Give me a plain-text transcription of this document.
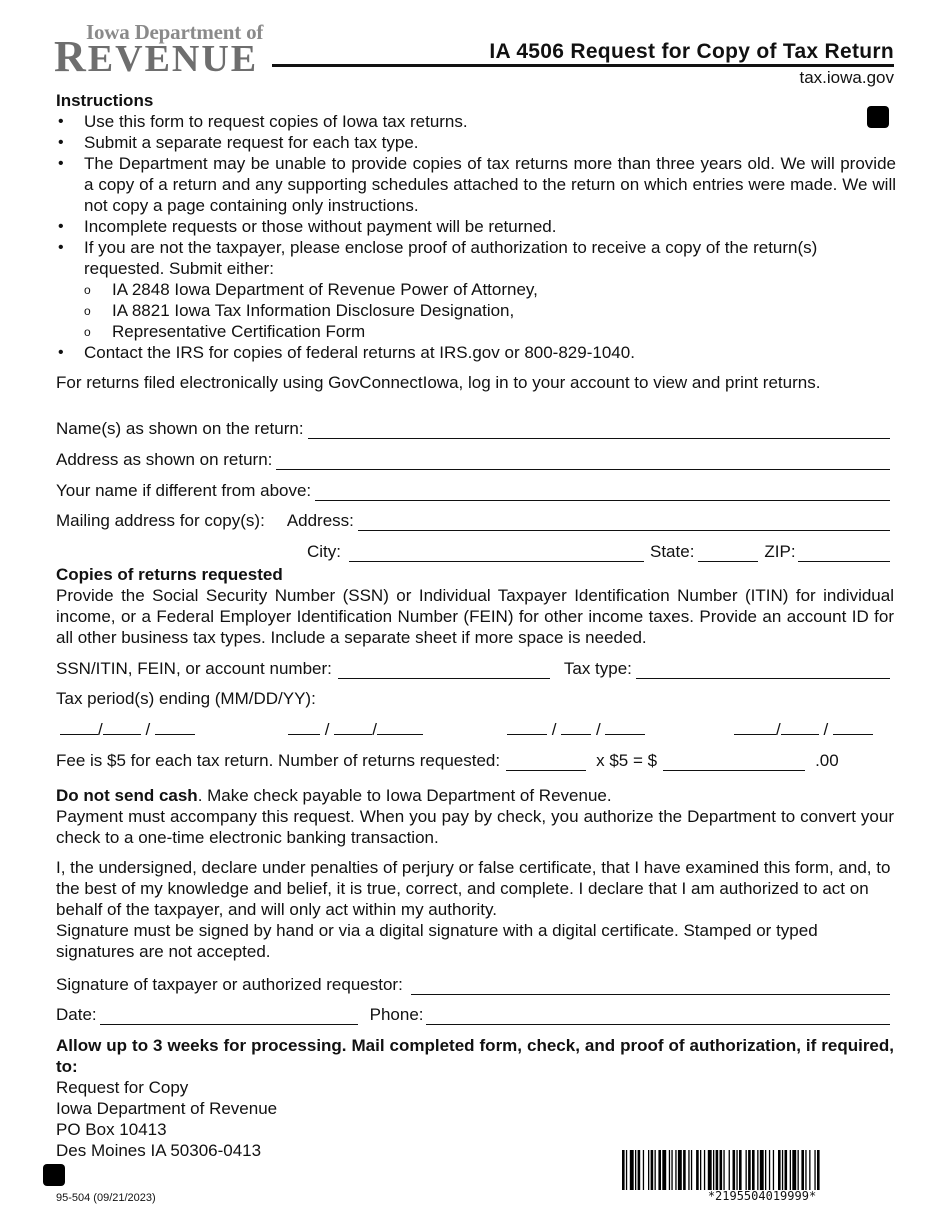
Iowa Department of
REVENUE	IA 4506 Request for Copy of Tax Return
tax.iowa.gov
Instructions
• Use this form to request copies of Iowa tax returns.
• Submit a separate request for each tax type.
• The Department may be unable to provide copies of tax returns more than three years old. We will provide a copy of a return and any supporting schedules attached to the return on which entries were made. We will not copy a page containing only instructions.
• Incomplete requests or those without payment will be returned.
• If you are not the taxpayer, please enclose proof of authorization to receive a copy of the return(s) requested. Submit either:
o IA 2848 Iowa Department of Revenue Power of Attorney,
o IA 8821 Iowa Tax Information Disclosure Designation,
o Representative Certification Form
• Contact the IRS for copies of federal returns at IRS.gov or 800-829-1040.
For returns filed electronically using GovConnectIowa, log in to your account to view and print returns.
Name(s) as shown on the return:
Address as shown on return:
Your name if different from above:
Mailing address for copy(s): Address:
City:	State:	ZIP:
Copies of returns requested
Provide the Social Security Number (SSN) or Individual Taxpayer Identification Number (ITIN) for individual income, or a Federal Employer Identification Number (FEIN) for other income taxes. Provide an account ID for all other business tax types. Include a separate sheet if more space is needed.
SSN/ITIN, FEIN, or account number:	Tax type:
Tax period(s) ending (MM/DD/YY):
/	/	/	/	/ /	/	/
Fee is $5 for each tax return. Number of returns requested:	x $5 = $	.00
Do not send cash. Make check payable to Iowa Department of Revenue.
Payment must accompany this request. When you pay by check, you authorize the Department to convert your check to a one-time electronic banking transaction.
I, the undersigned, declare under penalties of perjury or false certificate, that I have examined this form, and, to the best of my knowledge and belief, it is true, correct, and complete. I declare that I am authorized to act on behalf of the taxpayer, and will only act within my authority.
Signature must be signed by hand or via a digital signature with a digital certificate. Stamped or typed signatures are not accepted.
Signature of taxpayer or authorized requestor:
Date:	Phone:
Allow up to 3 weeks for processing. Mail completed form, check, and proof of authorization, if required, to:
Request for Copy
Iowa Department of Revenue
PO Box 10413
Des Moines IA 50306-0413
95-504 (09/21/2023)	*2195504019999*
